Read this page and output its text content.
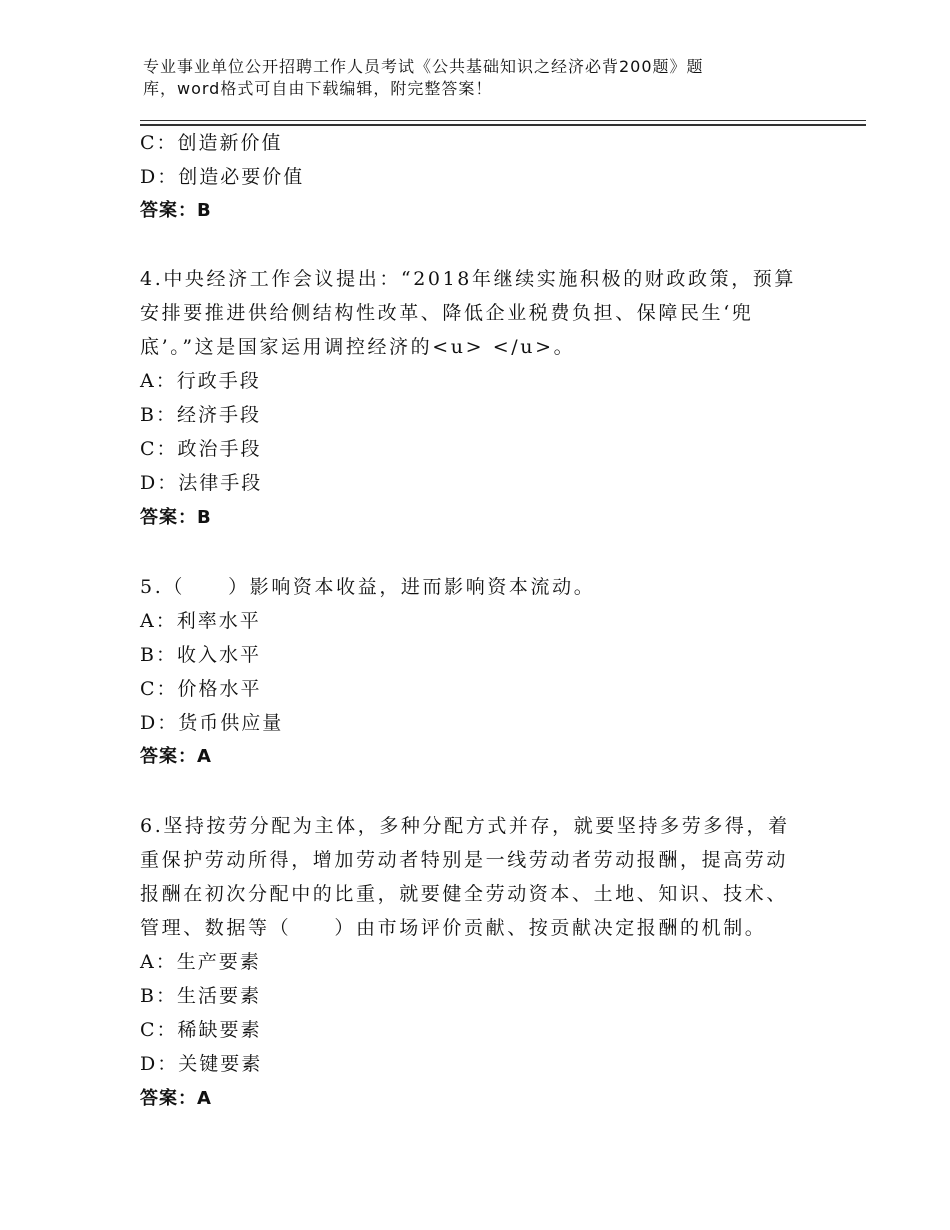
专业事业单位公开招聘工作人员考试《公共基础知识之经济必背200题》题
库，word格式可自由下载编辑，附完整答案！
C：创造新价值
D：创造必要价值
答案：B
4.中央经济工作会议提出：“2018年继续实施积极的财政政策，预算
安排要推进供给侧结构性改革、降低企业税费负担、保障民生‘兜
底’。”这是国家运用调控经济的<u> </u>。
A：行政手段
B：经济手段
C：政治手段
D：法律手段
答案：B
5.（　　）影响资本收益，进而影响资本流动。
A：利率水平
B：收入水平
C：价格水平
D：货币供应量
答案：A
6.坚持按劳分配为主体，多种分配方式并存，就要坚持多劳多得，着
重保护劳动所得，增加劳动者特别是一线劳动者劳动报酬，提高劳动
报酬在初次分配中的比重，就要健全劳动资本、土地、知识、技术、
管理、数据等（　　）由市场评价贡献、按贡献决定报酬的机制。
A：生产要素
B：生活要素
C：稀缺要素
D：关键要素
答案：A
